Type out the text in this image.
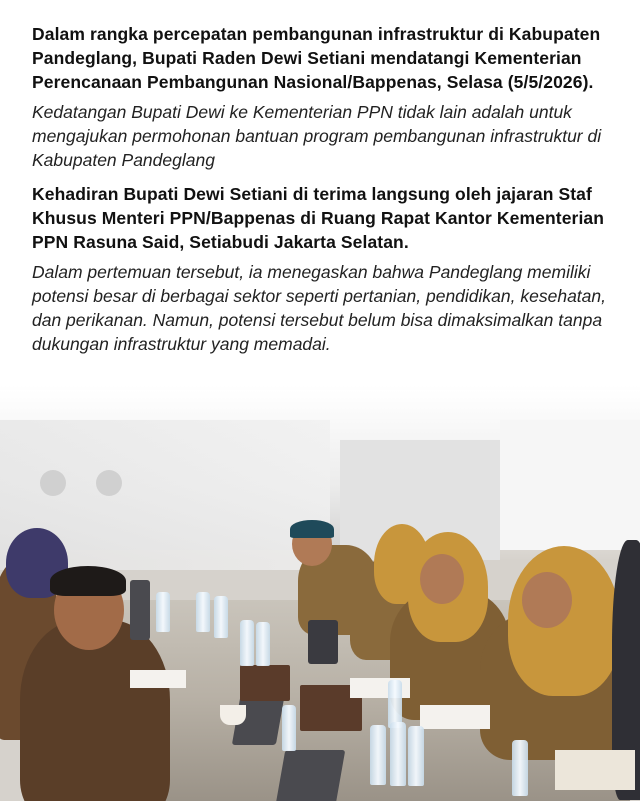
Dalam rangka percepatan pembangunan infrastruktur di Kabupaten Pandeglang, Bupati Raden Dewi Setiani mendatangi Kementerian Perencanaan Pembangunan Nasional/Bappenas, Selasa (5/5/2026).

Kedatangan Bupati Dewi ke Kementerian PPN tidak lain adalah untuk mengajukan permohonan bantuan program pembangunan infrastruktur di Kabupaten Pandeglang

Kehadiran Bupati Dewi Setiani di terima langsung oleh jajaran Staf Khusus Menteri PPN/Bappenas di Ruang Rapat Kantor Kementerian PPN Rasuna Said, Setiabudi Jakarta Selatan.

Dalam pertemuan tersebut, ia menegaskan bahwa Pandeglang memiliki potensi besar di berbagai sektor seperti pertanian, pendidikan, kesehatan, dan perikanan. Namun, potensi tersebut belum bisa dimaksimalkan tanpa dukungan infrastruktur yang memadai.
